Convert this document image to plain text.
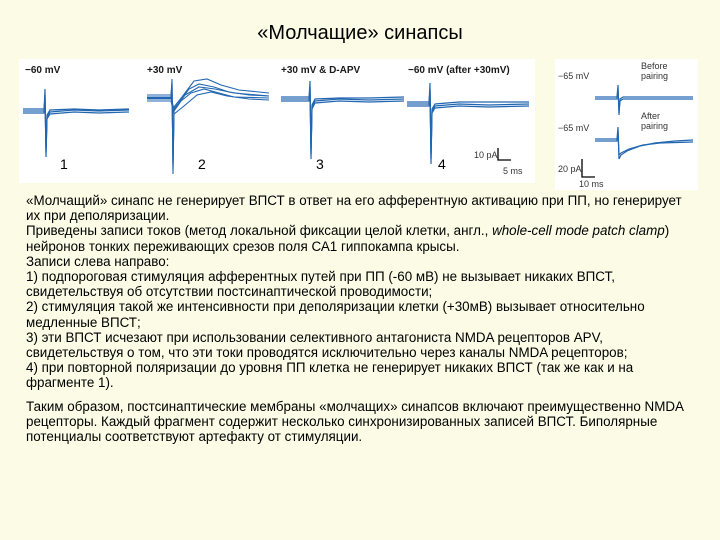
«Молчащие» синапсы
−60 mV	+30 mV	+30 mV & D-APV	−60 mV (after +30mV)
1	2	3	4
10 pA
5 ms
Before
pairing
After
pairing
−65 mV
−65 mV
20 pA
10 ms

«Молчащий» синапс не генерирует ВПСТ в ответ на его афферентную активацию при ПП, но генерирует их при деполяризации.

Приведены записи токов (метод локальной фиксации целой клетки, англ., whole-cell mode patch clamp) нейронов тонких переживающих срезов поля СА1 гиппокампа крысы.

Записи слева направо:

1) подпороговая стимуляция афферентных путей при ПП (-60 мВ) не вызывает никаких ВПСТ, свидетельствуя об отсутствии постсинаптической проводимости;

2) стимуляция такой же интенсивности при деполяризации клетки (+30мВ) вызывает относительно медленные ВПСТ;

3) эти ВПСТ исчезают при использовании селективного антагониста NMDA рецепторов APV, свидетельствуя о том, что эти токи проводятся исключительно через каналы NMDA рецепторов;

4) при повторной поляризации до уровня ПП клетка не генерирует никаких ВПСТ (так же как и на фрагменте 1).

Таким образом, постсинаптические мембраны «молчащих» синапсов включают преимущественно NMDA рецепторы. Каждый фрагмент содержит несколько синхронизированных записей ВПСТ. Биполярные потенциалы соответствуют артефакту от стимуляции.
